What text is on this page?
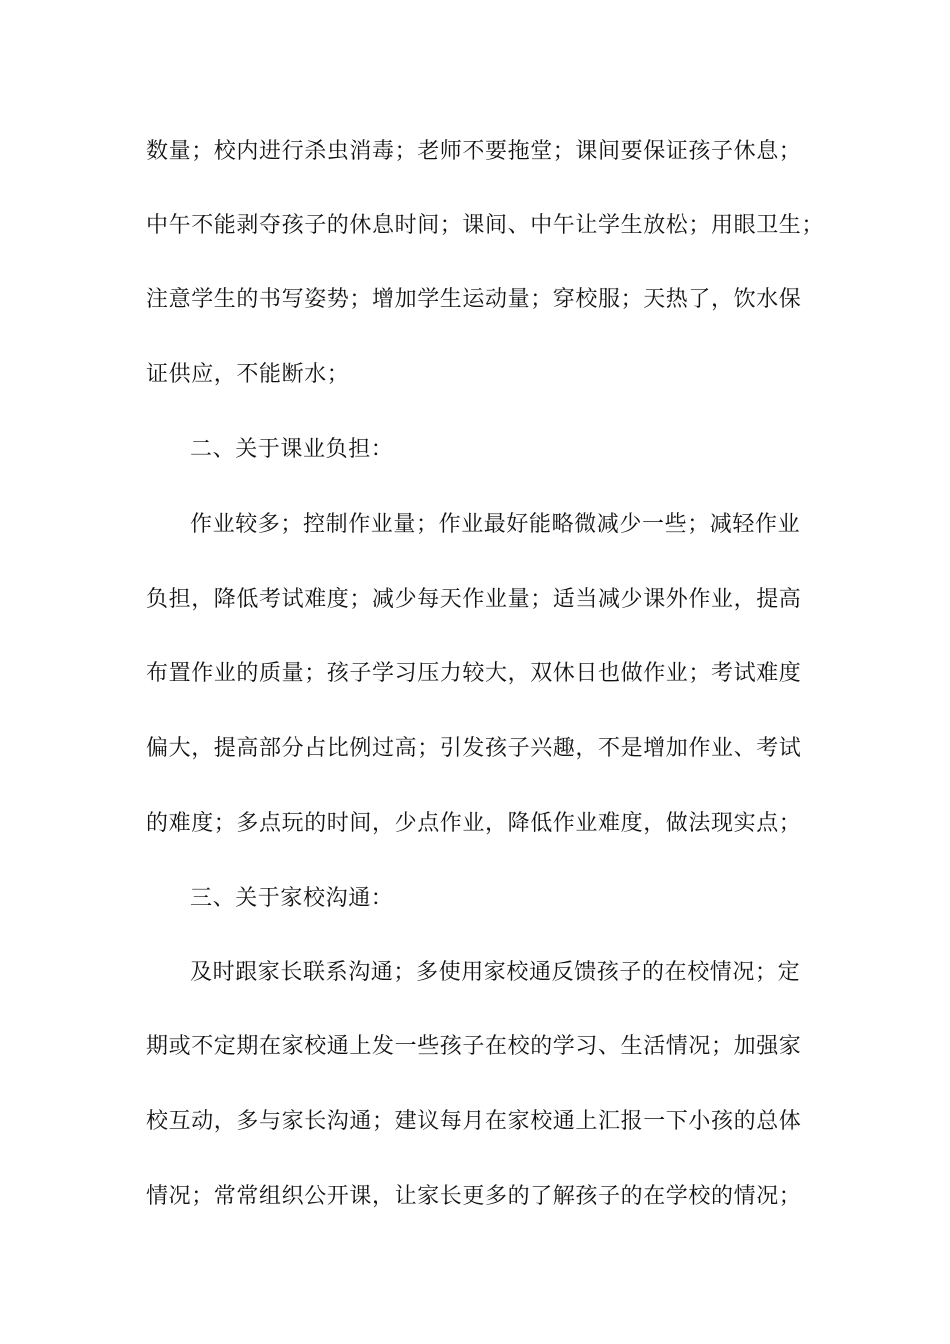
数量；校内进行杀虫消毒；老师不要拖堂；课间要保证孩子休息；
中午不能剥夺孩子的休息时间；课间、中午让学生放松；用眼卫生；
注意学生的书写姿势；增加学生运动量；穿校服；天热了，饮水保
证供应，不能断水；
二、关于课业负担：
作业较多；控制作业量；作业最好能略微减少一些；减轻作业
负担，降低考试难度；减少每天作业量；适当减少课外作业，提高
布置作业的质量；孩子学习压力较大，双休日也做作业；考试难度
偏大，提高部分占比例过高；引发孩子兴趣，不是增加作业、考试
的难度；多点玩的时间，少点作业，降低作业难度，做法现实点；
三、关于家校沟通：
及时跟家长联系沟通；多使用家校通反馈孩子的在校情况；定
期或不定期在家校通上发一些孩子在校的学习、生活情况；加强家
校互动，多与家长沟通；建议每月在家校通上汇报一下小孩的总体
情况；常常组织公开课，让家长更多的了解孩子的在学校的情况；
